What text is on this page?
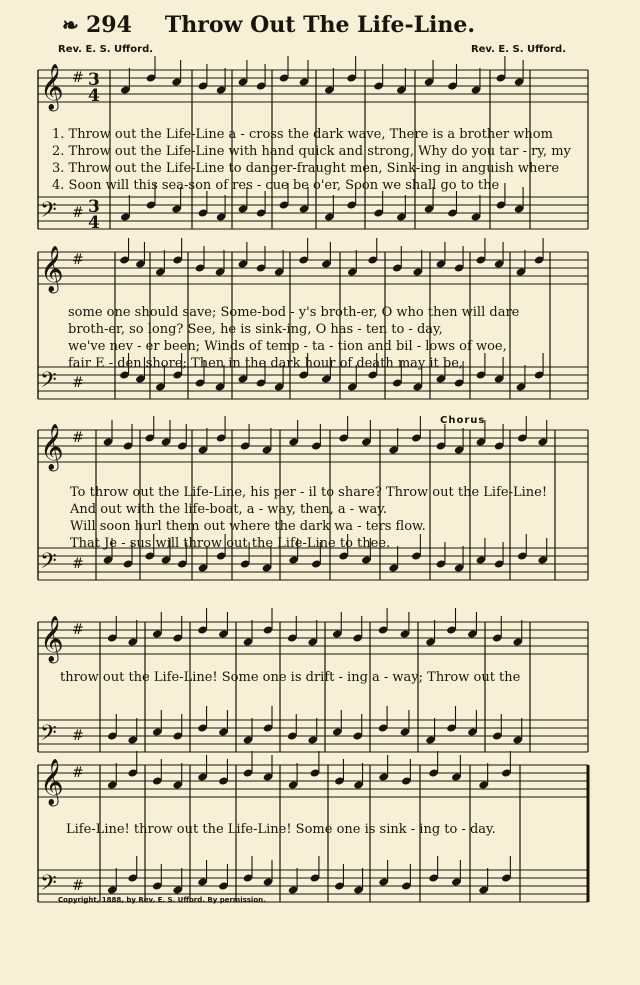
❧ 294	Throw Out The Life-Line.
Rev. E. S. Ufford.	Rev. E. S. Ufford.
𝄞 # 3
4
𝄢 # 3
4
𝄞 #
𝄢 #
𝄞 #
𝄢 #
𝄞 #
𝄢 #
𝄞 #
𝄢 #
1. Throw out the Life-Line a - cross the dark wave, There is a brother whom
2. Throw out the Life-Line with hand quick and strong, Why do you tar - ry, my
3. Throw out the Life-Line to danger-fraught men, Sink-ing in anguish where
4. Soon will this sea-son of res - cue be o'er, Soon we shall go to the
some one should save; Some-bod - y's broth-er, O who then will dare
broth-er, so long? See, he is sink-ing, O has - ten to - day,
we've nev - er been; Winds of temp - ta - tion and bil - lows of woe,
fair E - den shore; Then in the dark hour of death may it be,
Chorus
To throw out the Life-Line, his per - il to share? Throw out the Life-Line!
And out with the life-boat, a - way, then, a - way.
Will soon hurl them out where the dark wa - ters flow.
That Je - sus will throw out the Life-Line to thee.
throw out the Life-Line! Some one is drift - ing a - way; Throw out the
Life-Line! throw out the Life-Line! Some one is sink - ing to - day.
Copyright, 1888, by Rev. E. S. Ufford. By permission.
